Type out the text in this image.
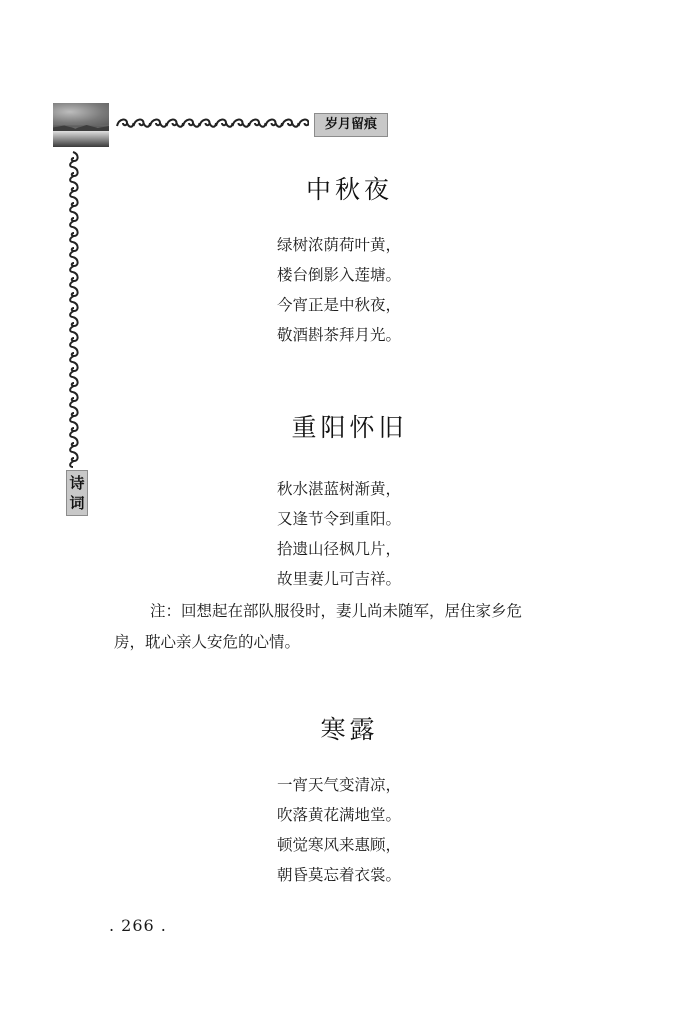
岁月留痕
诗
词
中秋夜
绿树浓荫荷叶黄，
楼台倒影入莲塘。
今宵正是中秋夜，
敬酒斟茶拜月光。
重阳怀旧
秋水湛蓝树渐黄，
又逢节令到重阳。
拾遗山径枫几片，
故里妻儿可吉祥。
注：回想起在部队服役时，妻儿尚未随军，居住家乡危
房，耽心亲人安危的心情。
寒露
一宵天气变清凉，
吹落黄花满地堂。
顿觉寒风来惠顾，
朝昏莫忘着衣裳。
. 266 .
